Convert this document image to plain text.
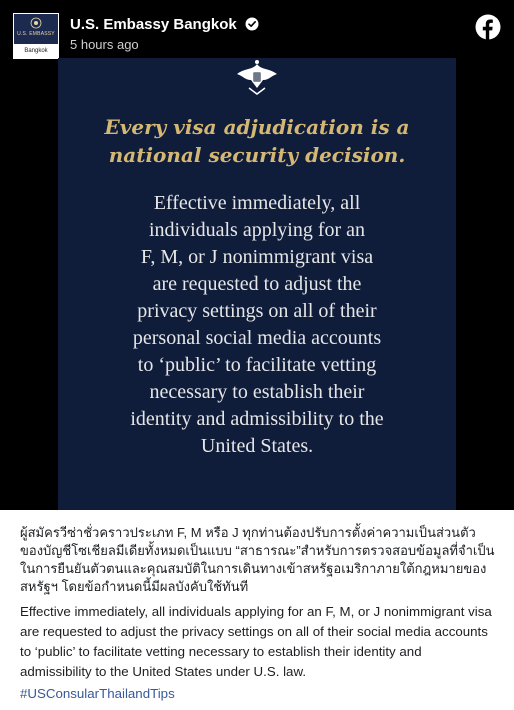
U.S. EMBASSY
Bangkok
U.S. Embassy Bangkok
5 hours ago
Every visa adjudication is a national security decision.
Effective immediately, all
individuals applying for an
F, M, or J nonimmigrant visa
are requested to adjust the
privacy settings on all of their
personal social media accounts
to ‘public’ to facilitate vetting
necessary to establish their
identity and admissibility to the
United States.
ผู้สมัครวีซ่าชั่วคราวประเภท F, M หรือ J ทุกท่านต้องปรับการตั้งค่าความเป็นส่วนตัวของบัญชีโซเชียลมีเดียทั้งหมดเป็นแบบ “สาธารณะ”สำหรับการตรวจสอบข้อมูลที่จำเป็นในการยืนยันตัวตนและคุณสมบัติในการเดินทางเข้าสหรัฐอเมริกาภายใต้กฎหมายของสหรัฐฯ โดยข้อกำหนดนี้มีผลบังคับใช้ทันที
Effective immediately, all individuals applying for an F, M, or J nonimmigrant visa are requested to adjust the privacy settings on all of their social media accounts to ‘public’ to facilitate vetting necessary to establish their identity and admissibility to the United States under U.S. law.
#USConsularThailandTips
